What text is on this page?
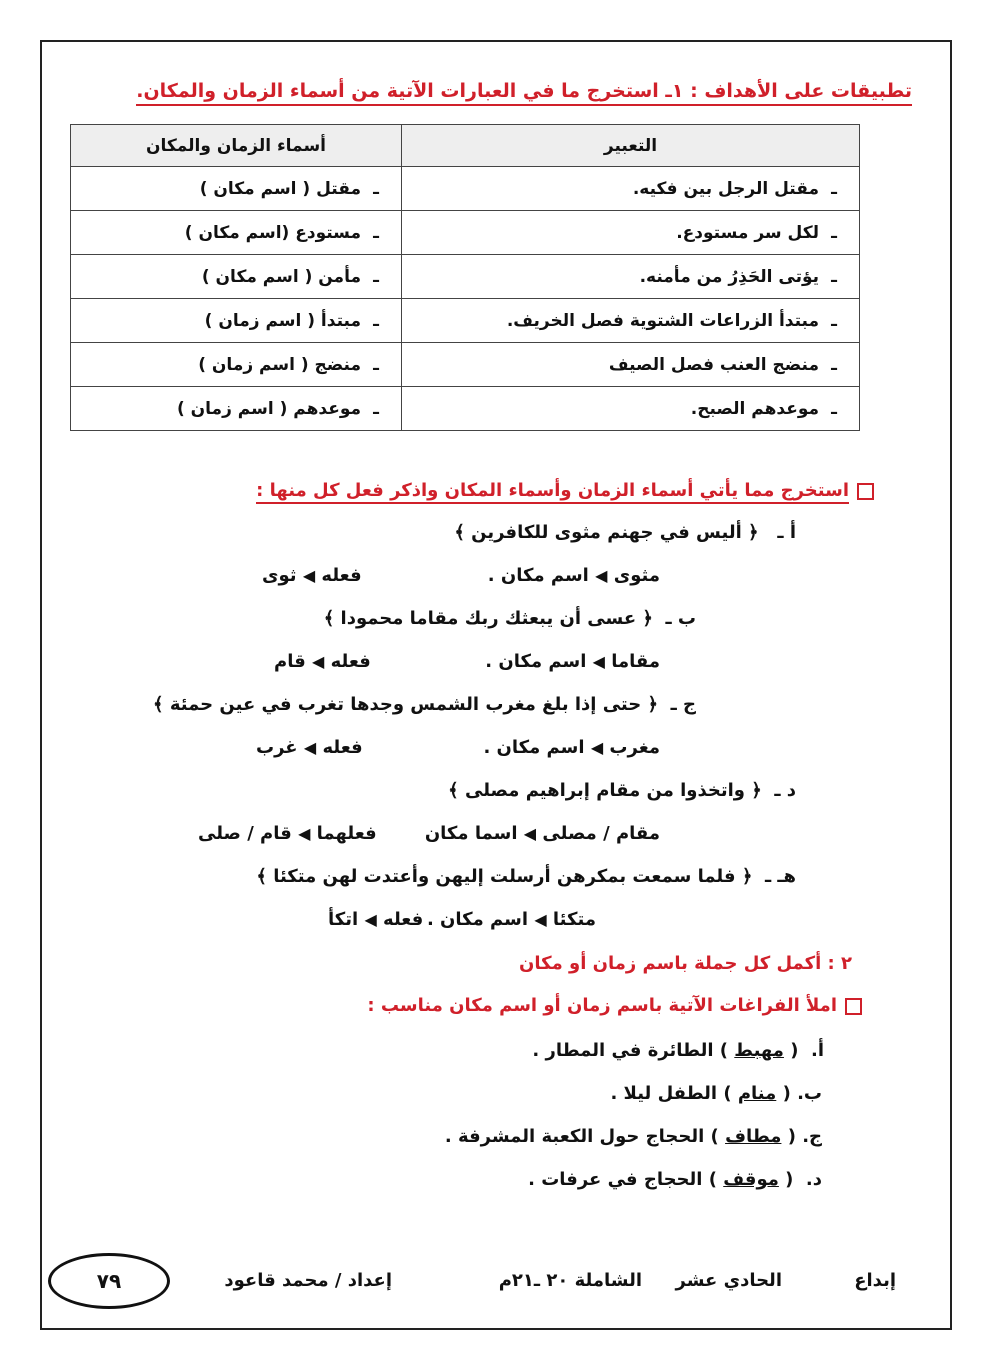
تطبيقات على الأهداف : ١ـ استخرج ما في العبارات الآتية من أسماء الزمان والمكان.
التعبير	أسماء الزمان والمكان
ـمقتل الرجل بين فكيه.	ـمقتل ( اسم مكان )
ـلكل سر مستودع.	ـمستودع (اسم مكان )
ـيؤتى الحَذِرُ من مأمنه.	ـمأمن ( اسم مكان )
ـمبتدأ الزراعات الشتوية فصل الخريف.	ـمبتدأ ( اسم زمان )
ـمنضج العنب فصل الصيف	ـمنضج ( اسم زمان )
ـموعدهم الصبح.	ـموعدهم ( اسم زمان )
استخرج مما يأتي أسماء الزمان وأسماء المكان واذكر فعل كل منها :
أ ـ   ﴿ أليس في جهنم مثوى للكافرين ﴾
مثوى ◀ اسم مكان .
فعله ◀ ثوى
ب ـ  ﴿ عسى أن يبعثك ربك مقاما محمودا ﴾
مقاما ◀ اسم مكان .
فعله ◀ قام
ج ـ  ﴿ حتى إذا بلغ مغرب الشمس وجدها تغرب في عين حمئة ﴾
مغرب ◀ اسم مكان .
فعله ◀ غرب
د ـ  ﴿ واتخذوا من مقام إبراهيم مصلى ﴾
مقام / مصلى ◀ اسما مكان
فعلهما ◀ قام / صلى
هـ ـ  ﴿ فلما سمعت بمكرهن أرسلت إليهن وأعتدت لهن متكئا ﴾
متكئا ◀ اسم مكان .
فعله ◀ اتكأ
٢ : أكمل كل جملة باسم زمان أو مكان
املأ الفراغات الآتية باسم زمان أو اسم مكان مناسب :
أ.  ( مهبط ) الطائرة في المطار .
ب. ( منام ) الطفل ليلا .
ج. ( مطاف ) الحجاج حول الكعبة المشرفة .
د.  ( موقف ) الحجاج في عرفات .
إبداع
الحادي عشر
الشاملة ٢٠ ـ٢١م
إعداد / محمد قاعود
٧٩
